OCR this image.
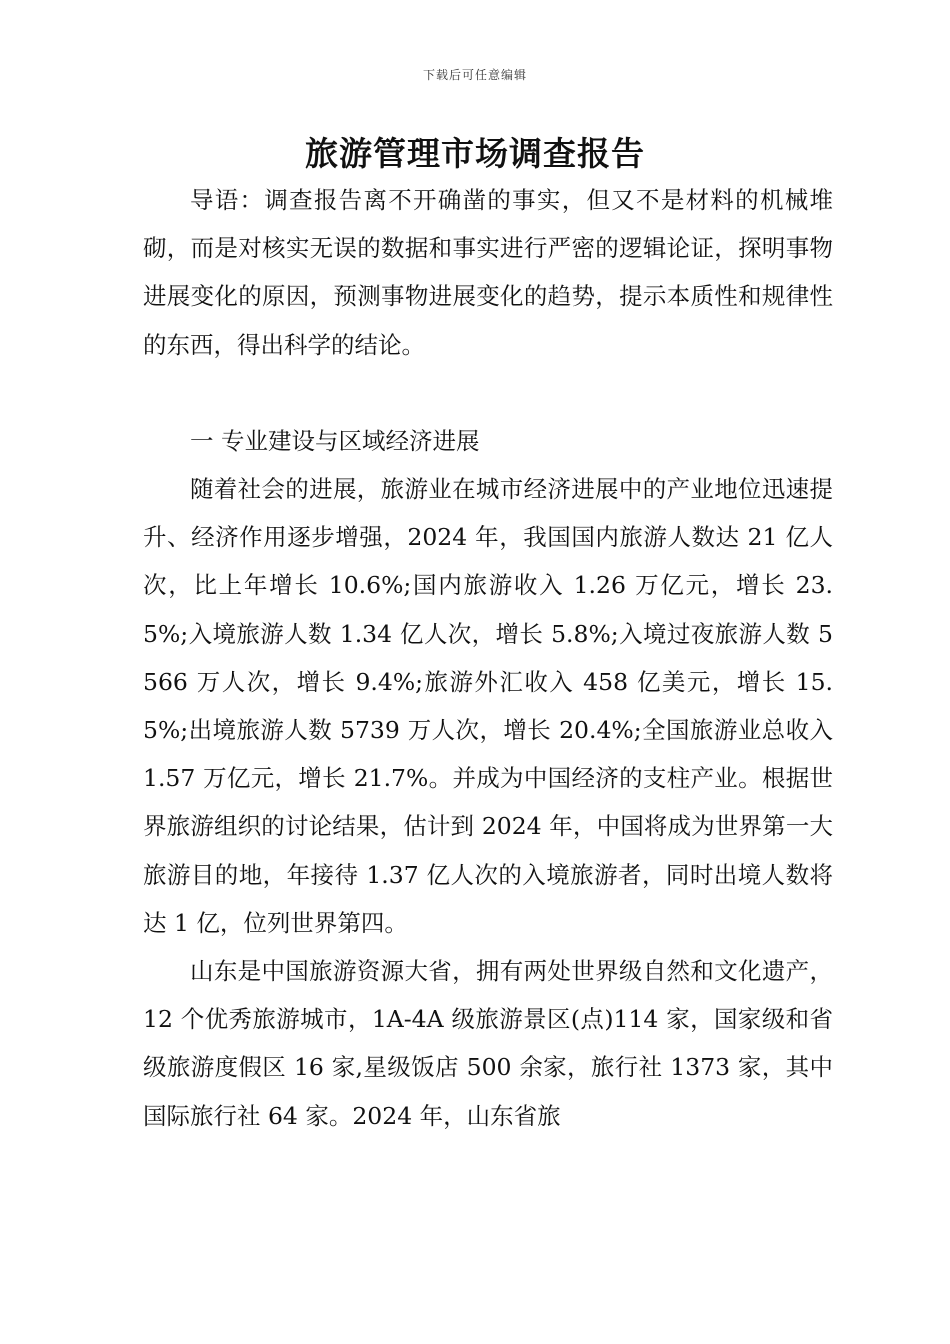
下载后可任意编辑
旅游管理市场调查报告

导语：调查报告离不开确凿的事实，但又不是材料的机械堆砌，而是对核实无误的数据和事实进行严密的逻辑论证，探明事物进展变化的原因，预测事物进展变化的趋势，提示本质性和规律性的东西，得出科学的结论。

一 专业建设与区域经济进展

随着社会的进展，旅游业在城市经济进展中的产业地位迅速提升、经济作用逐步增强，2024 年，我国国内旅游人数达 21 亿人次，比上年增长 10.6%;国内旅游收入 1.26 万亿元，增长 23.5%;入境旅游人数 1.34 亿人次，增长 5.8%;入境过夜旅游人数 5566 万人次，增长 9.4%;旅游外汇收入 458 亿美元，增长 15.5%;出境旅游人数 5739 万人次，增长 20.4%;全国旅游业总收入 1.57 万亿元，增长 21.7%。并成为中国经济的支柱产业。根据世界旅游组织的讨论结果，估计到 2024 年，中国将成为世界第一大旅游目的地，年接待 1.37 亿人次的入境旅游者，同时出境人数将达 1 亿，位列世界第四。

山东是中国旅游资源大省，拥有两处世界级自然和文化遗产， 12 个优秀旅游城市，1A-4A 级旅游景区(点)114 家，国家级和省级旅游度假区 16 家,星级饭店 500 余家，旅行社 1373 家，其中国际旅行社 64 家。2024 年，山东省旅
